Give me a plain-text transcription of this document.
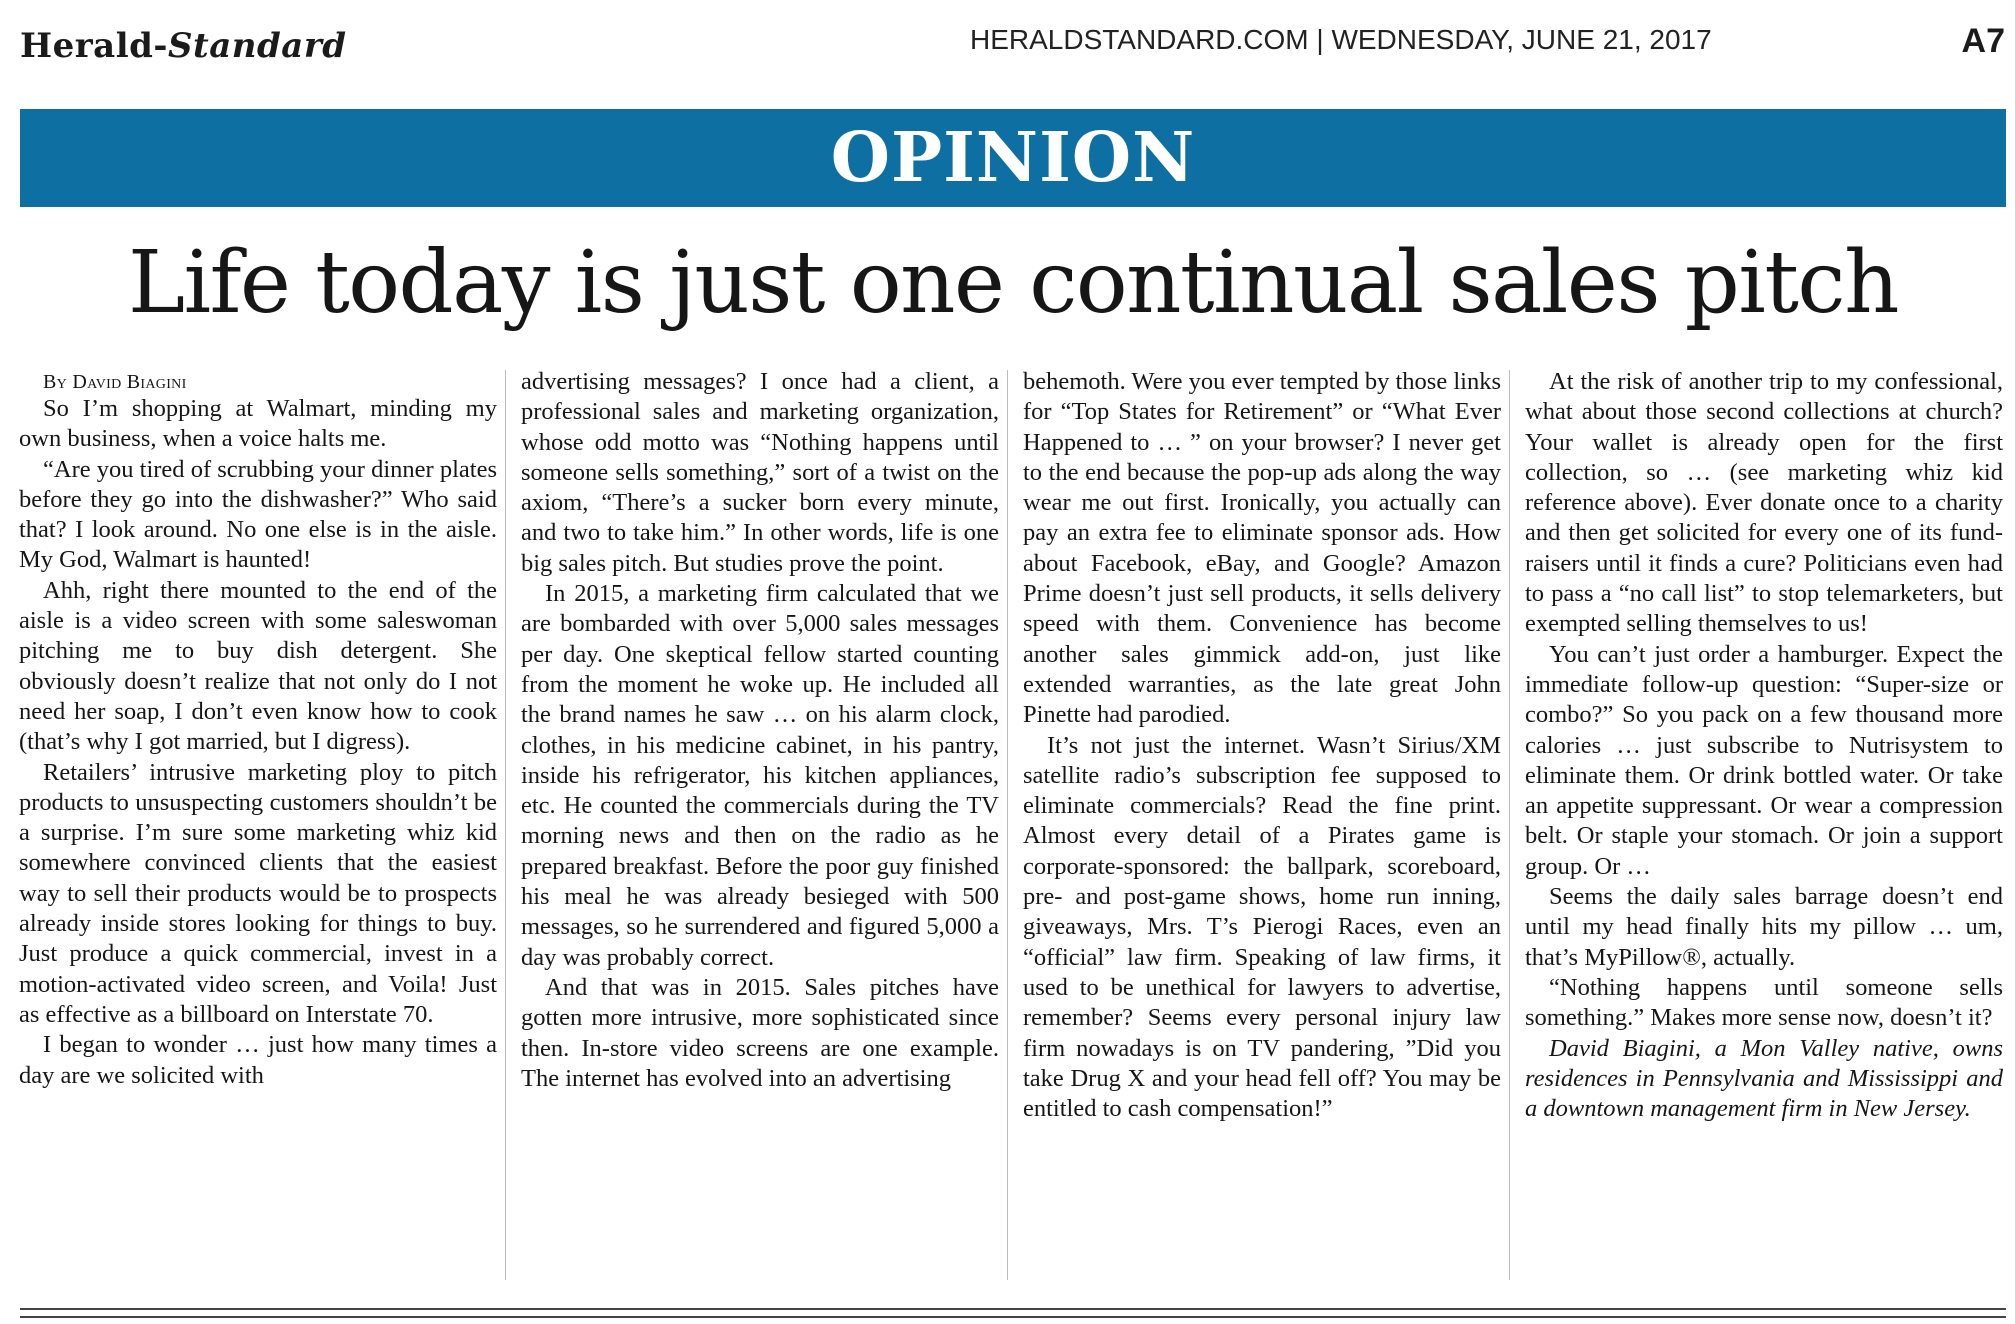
Herald-Standard	HERALDSTANDARD.COM | WEDNESDAY, JUNE 21, 2017	A7
OPINION
Life today is just one continual sales pitch

By David Biagini

So I’m shopping at Walmart, minding my own business, when a voice halts me.

“Are you tired of scrubbing your dinner plates before they go into the dishwasher?” Who said that? I look around. No one else is in the aisle. My God, Walmart is haunted!

Ahh, right there mounted to the end of the aisle is a video screen with some saleswoman pitching me to buy dish detergent. She obviously doesn’t realize that not only do I not need her soap, I don’t even know how to cook (that’s why I got married, but I digress).

Retailers’ intrusive marketing ploy to pitch products to unsuspecting customers shouldn’t be a surprise. I’m sure some marketing whiz kid somewhere convinced clients that the easiest way to sell their products would be to prospects already inside stores looking for things to buy. Just produce a quick commercial, invest in a motion-activated video screen, and Voila! Just as effective as a billboard on Interstate 70.

I began to wonder … just how many times a day are we solicited with

advertising messages? I once had a client, a professional sales and marketing organization, whose odd motto was “Nothing happens until someone sells something,” sort of a twist on the axiom, “There’s a sucker born every minute, and two to take him.” In other words, life is one big sales pitch. But studies prove the point.

In 2015, a marketing firm calculated that we are bombarded with over 5,000 sales messages per day. One skeptical fellow started counting from the moment he woke up. He included all the brand names he saw … on his alarm clock, clothes, in his medicine cabinet, in his pantry, inside his refrigerator, his kitchen appliances, etc. He counted the commercials during the TV morning news and then on the radio as he prepared breakfast. Before the poor guy finished his meal he was already besieged with 500 messages, so he surrendered and figured 5,000 a day was probably correct.

And that was in 2015. Sales pitches have gotten more intrusive, more sophisticated since then. In-store video screens are one example. The internet has evolved into an advertising

behemoth. Were you ever tempted by those links for “Top States for Retirement” or “What Ever Happened to … ” on your browser? I never get to the end because the pop-up ads along the way wear me out first. Ironically, you actually can pay an extra fee to eliminate sponsor ads. How about Facebook, eBay, and Google? Amazon Prime doesn’t just sell products, it sells delivery speed with them. Convenience has become another sales gimmick add-on, just like extended warranties, as the late great John Pinette had parodied.

It’s not just the internet. Wasn’t Sirius/XM satellite radio’s subscription fee supposed to eliminate commercials? Read the fine print. Almost every detail of a Pirates game is corporate-sponsored: the ballpark, scoreboard, pre- and post-game shows, home run inning, giveaways, Mrs. T’s Pierogi Races, even an “official” law firm. Speaking of law firms, it used to be unethical for lawyers to advertise, remember? Seems every personal injury law firm nowadays is on TV pandering, ”Did you take Drug X and your head fell off? You may be entitled to cash compensation!”

At the risk of another trip to my confessional, what about those second collections at church? Your wallet is already open for the first collection, so … (see marketing whiz kid reference above). Ever donate once to a charity and then get solicited for every one of its fund-raisers until it finds a cure? Politicians even had to pass a “no call list” to stop telemarketers, but exempted selling themselves to us!

You can’t just order a hamburger. Expect the immediate follow-up question: “Super-size or combo?” So you pack on a few thousand more calories … just subscribe to Nutrisystem to eliminate them. Or drink bottled water. Or take an appetite suppressant. Or wear a compression belt. Or staple your stomach. Or join a support group. Or …

Seems the daily sales barrage doesn’t end until my head finally hits my pillow … um, that’s MyPillow®, actually.

“Nothing happens until someone sells something.” Makes more sense now, doesn’t it?

David Biagini, a Mon Valley native, owns residences in Pennsylvania and Mississippi and a downtown management firm in New Jersey.
